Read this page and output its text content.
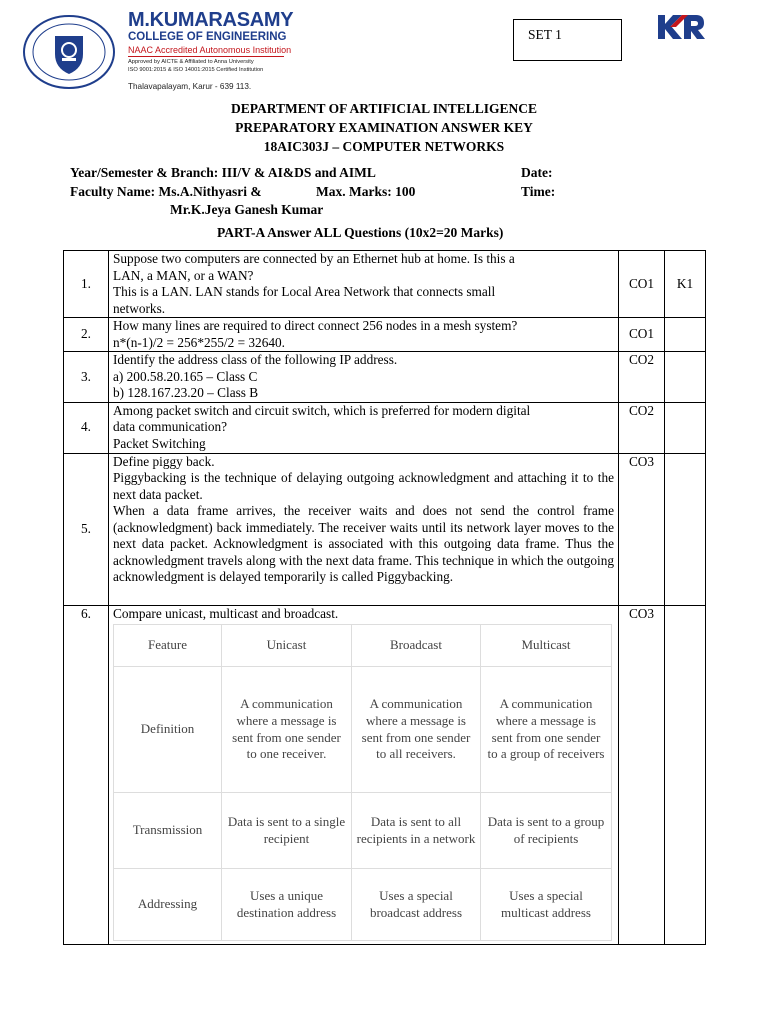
M.KUMARASAMY
COLLEGE OF ENGINEERING
NAAC Accredited Autonomous Institution
Approved by AICTE & Affiliated to Anna University
ISO 9001:2015 & ISO 14001:2015 Certified Institution
Thalavapalayam, Karur - 639 113.
SET 1
DEPARTMENT OF ARTIFICIAL INTELLIGENCE
PREPARATORY EXAMINATION ANSWER KEY
18AIC303J – COMPUTER NETWORKS
Year/Semester & Branch: III/V & AI&DS and AIML	Date:
Faculty Name: Ms.A.Nithyasri &	Max. Marks: 100	Time:
Mr.K.Jeya Ganesh Kumar
PART-A Answer ALL Questions (10x2=20 Marks)
1.	
Suppose two computers are connected by an Ethernet hub at home. Is this a
LAN, a MAN, or a WAN?
This is a LAN. LAN stands for Local Area Network that connects small
networks.
	CO1	K1
2.	
How many lines are required to direct connect 256 nodes in a mesh system?
n*(n-1)/2 = 256*255/2 = 32640.
	CO1	
3.	
Identify the address class of the following IP address.
a) 200.58.20.165 – Class C
b) 128.167.23.20 – Class B
	CO2	
4.	
Among packet switch and circuit switch, which is preferred for modern digital
data communication?
Packet Switching
	CO2	
5.	
Define piggy back.
Piggybacking is the technique of delaying outgoing acknowledgment and attaching it to the next data packet.
When a data frame arrives, the receiver waits and does not send the control frame (acknowledgment) back immediately. The receiver waits until its network layer moves to the next data packet. Acknowledgment is associated with this outgoing data frame. Thus the acknowledgment travels along with the next data frame. This technique in which the outgoing acknowledgment is delayed temporarily is called Piggybacking.
	CO3	
6.	Compare unicast, multicast and broadcast.
Feature	Unicast	Broadcast	Multicast
Definition	A communication where a message is sent from one sender to one receiver.	A communication where a message is sent from one sender to all receivers.	A communication where a message is sent from one sender to a group of receivers
Transmission	Data is sent to a single recipient	Data is sent to all recipients in a network	Data is sent to a group of recipients
Addressing	Uses a unique destination address	Uses a special broadcast address	Uses a special multicast address
	CO3	
